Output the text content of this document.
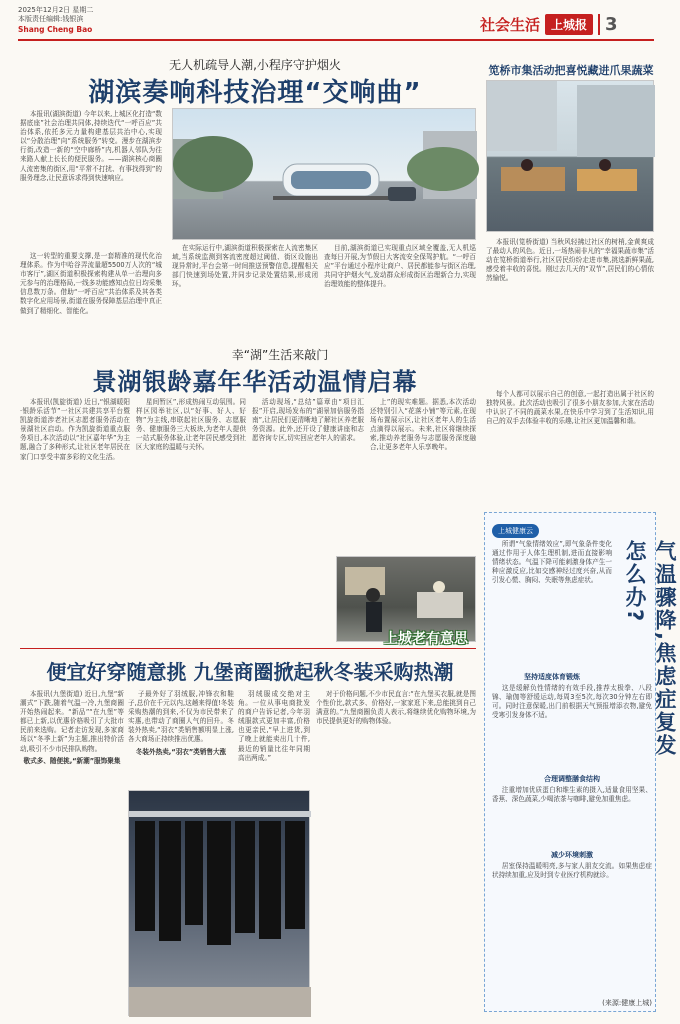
2025年12月2日 星期二
本版责任编辑:钱银滨
Shang Cheng Bao	社会生活 上城报	3
无人机疏导人潮,小程序守护烟火
湖滨奏响科技治理“交响曲”

本报讯(湖滨街道) 今年以来,上城区化打造“数据底座”社会治理共同体,持续迭代“一呼百应”共治体系,依托多元力量构建基层共治中心,实现以“分散治理”向“系统服务”转变。漫步在湖滨步行街,改造一新的“空中廊桥”内,机器人邻队为往来路人献上长长的便民服务。——湖滨核心商圈人流密集的街区,用“平常不打扰、有事找得到”的服务理念,让民意诉求得到快速响应。

这一转型的重要支撑,是一套精准的现代化治理体系。作为中哈谷弄流量超5500万人次的“城市客厅”,湖区街道积极探索构建从单一治理向多元参与的治理格局,一线多功能感知点位日均采集信息数万条。借助“一呼百应”共治体系及其各类数字化应用场景,街道在服务保障基层治理中真正做到了精细化、智能化。

在实际运行中,湖滨街道积极探索在人流密集区域,当系统监测到客流密度超过阈值、街区设施出现异常时,平台会第一时间推送预警信息,提醒相关部门快速到场处置,并同步记录处置结果,形成闭环。

目前,湖滨街道已实现重点区域全覆盖,无人机巡查每日开展,为节假日大客流安全保驾护航。“一呼百应”平台通过小程序让商户、居民都能参与街区治理,共同守护烟火气,发动群众形成街区治理新合力,实现治理效能的整体提升。

幸“湖”生活来敲门
景湖银龄嘉年华活动温情启幕

本报讯(凯旋街道) 近日,“银湖暖阳·银龄乐活节”一社区共建共享平台暨凯旋街道涉老社区志愿者服务活动在景湖社区启动。作为凯旋街道重点服务项目,本次活动以“社区嘉年华”为主题,融合了多种形式,让社区老年居民在家门口享受丰富多彩的文化生活。

星间暂区”,形成热闹互动氛围。同样区园举社区,以“好事、好人、好物”为主线,串联起社区服务、志愿服务、健康服务三大板块,为老年人提供一站式服务体验,让老年居民感受到社区大家庭的温暖与关怀。

活动现场,“总结”篇章由“项目汇报”开启,现场发布的“湖景加倍服务指南”,让居民们更清晰地了解社区养老服务资源。此外,还开设了健康讲座和志愿咨询专区,切实回应老年人的需求。

上”的现实难题。据悉,本次活动还特别引入“花落小铺”等元素,在现场布置展示区,让社区老年人的生活点滴得以展示。未来,社区将继续探索,推动养老服务与志愿服务深度融合,让更多老年人乐享晚年。

上城老有意思
便宜好穿随意挑 九堡商圈掀起秋冬装采购热潮

本报讯(九堡街道) 近日,九堡“新潮式”下跌,随着气温一冷,九堡商圈开始热闹起来。“新品”“在九堡”等都已上新,以优惠价格吸引了大批市民前来选购。记者走访发现,多家商场以“冬季上新”为主题,推出特价活动,吸引不少市民排队购物。

敬式多、随便挑,“新潮”服饰聚集

子最外好了羽绒服,冲锋衣和鞋子,总价在千元以内,这趟来得值!冬装采购热潮的到来,不仅为市民带来了实惠,也带动了商圈人气的回升。冬装外热卖,“羽衣”类销售额明显上涨,各大商场正持续推出优惠。

冬装外热卖,“羽衣”类销售大涨

羽绒服成交绝对主角。一位从事电商批发的商户告诉记者,今年羽绒服款式更加丰富,价格也更亲民,“早上进货,到了晚上就能卖出几十件,最近的销量比往年同期高出两成。”

对于价格问题,不少市民直言:“在九堡买衣服,就是图个性价比,款式多、价格好,一家家逛下来,总能挑到自己满意的。”九堡商圈负责人表示,将继续优化购物环境,为市民提供更好的购物体验。

笕桥市集活动把喜悦藏进爪果蔬菜

本报讯(笕桥街道) 当秋风轻拂过社区的树梢,金黄爽成了最动人的风色。近日,一场热闹非凡的“幸福果蔬市集”活动在笕桥街道举行,社区居民纷纷走进市集,挑选新鲜果蔬,感受着丰收的喜悦。刚过去几天的“双节”,居民们的心情依然愉悦。

每个人都可以展示自己的创意,一起打造出属于社区的独特风景。此次活动也吸引了很多小朋友参加,大家在活动中认识了不同的蔬菜水果,在快乐中学习到了生活知识,用自己的双手去体验丰收的乐趣,让社区更加温馨和谐。

上城健康云
气温骤降,焦虑症复发怎么办?

所谓“气象情绪效应”,即气象条件变化通过作用于人体生理机制,进而直接影响情绪状态。气温下降可能刺激身体产生一种应激反应,比如交感神经过度兴奋,从而引发心慌、胸闷、失眠等焦虑症状。

坚持适度体育锻炼

这是缓解负性情绪的有效手段,推荐太极拳、八段锦、瑜伽等舒缓运动,每周3至5次,每次30分钟左右即可。同时注意保暖,出门前根据天气预报增添衣物,避免受寒引发身体不适。

合理调整膳食结构

注重增加优质蛋白和维生素的摄入,适量食用坚果、香蕉、深色蔬菜,少喝浓茶与咖啡,避免加重焦虑。

减少环境刺激

居室保持温暖明亮,多与家人朋友交流。如果焦虑症状持续加重,应及时到专业医疗机构就诊。

(来源:健康上城)
